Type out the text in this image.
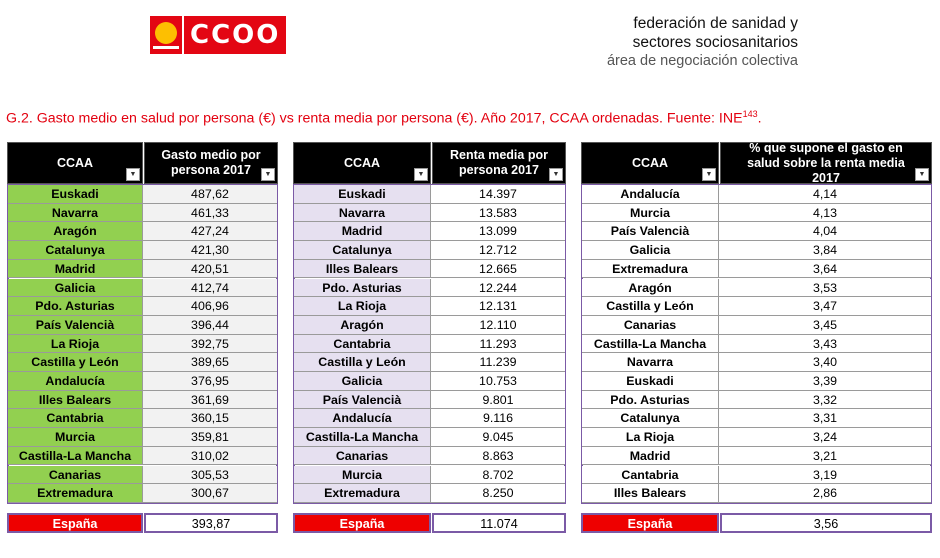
CCOO	federación de sanidad y
sectores sociosanitarios
área de negociación colectiva
G.2. Gasto medio en salud por persona (€) vs renta media por persona (€). Año 2017, CCAA ordenadas. Fuente: INE$^{143}$.
CCAA
▼
Gasto medio por persona 2017	▼
Euskadi	487,62
Navarra	461,33
Aragón	427,24
Catalunya	421,30
Madrid	420,51
Galicia	412,74
Pdo. Asturias	406,96
País Valencià	396,44
La Rioja	392,75
Castilla y León	389,65
Andalucía	376,95
Illes Balears	361,69
Cantabria	360,15
Murcia	359,81
Castilla-La Mancha	310,02
Canarias	305,53
Extremadura	300,67
España	393,87
CCAA
▼
Renta media por persona 2017	▼
Euskadi	14.397
Navarra	13.583
Madrid	13.099
Catalunya	12.712
Illes Balears	12.665
Pdo. Asturias	12.244
La Rioja	12.131
Aragón	12.110
Cantabria	11.293
Castilla y León	11.239
Galicia	10.753
País Valencià	9.801
Andalucía	9.116
Castilla-La Mancha	9.045
Canarias	8.863
Murcia	8.702
Extremadura	8.250
España	11.074
CCAA
▼
% que supone el gasto en salud sobre la renta media 2017	▼
Andalucía	4,14
Murcia	4,13
País Valencià	4,04
Galicia	3,84
Extremadura	3,64
Aragón	3,53
Castilla y León	3,47
Canarias	3,45
Castilla-La Mancha	3,43
Navarra	3,40
Euskadi	3,39
Pdo. Asturias	3,32
Catalunya	3,31
La Rioja	3,24
Madrid	3,21
Cantabria	3,19
Illes Balears	2,86
España	3,56
